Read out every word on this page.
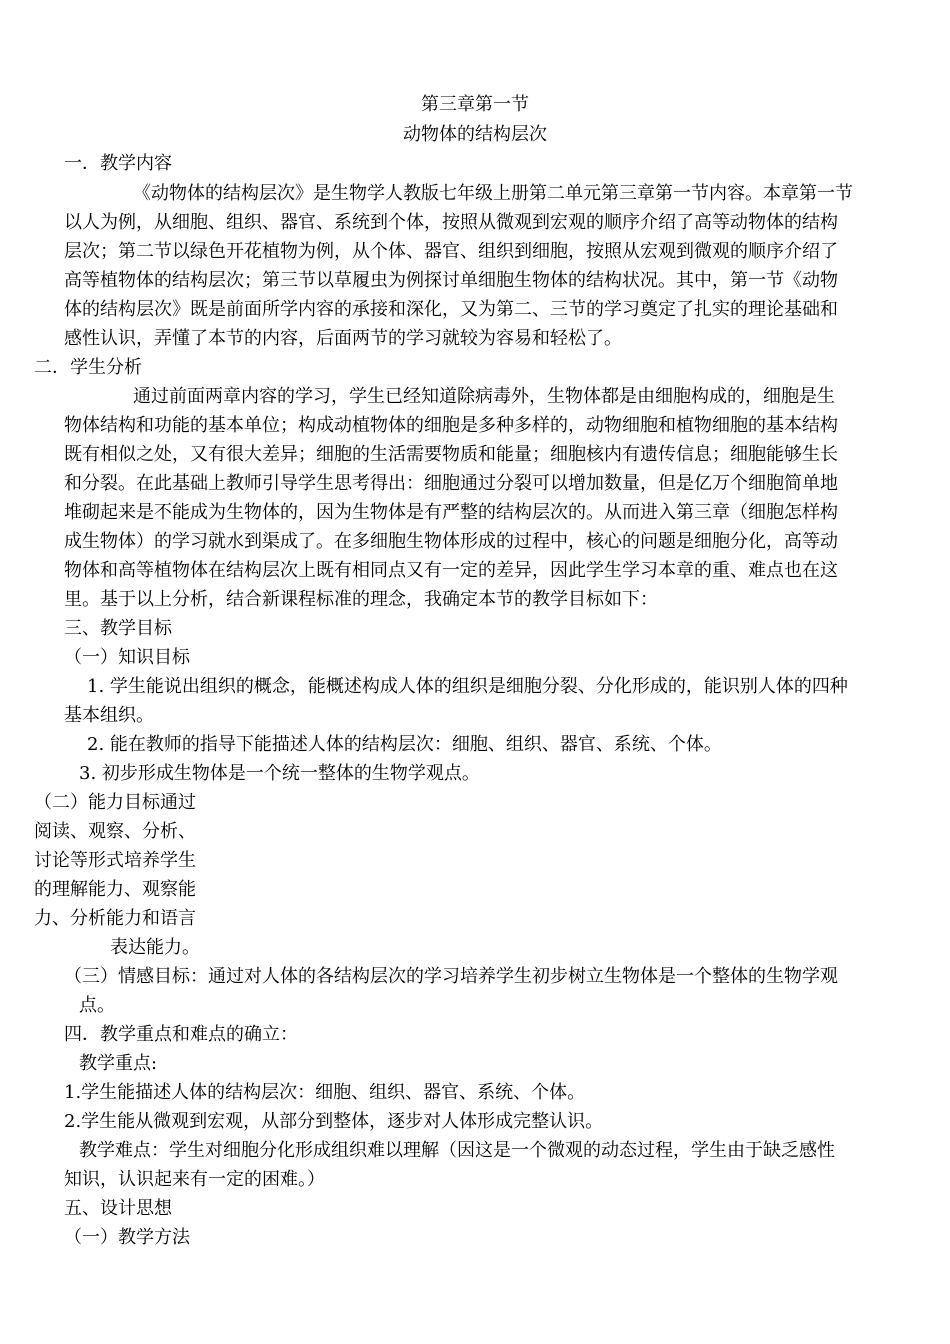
第三章第一节
动物体的结构层次
一．教学内容
《动物体的结构层次》是生物学人教版七年级上册第二单元第三章第一节内容。本章第一节
以人为例，从细胞、组织、器官、系统到个体，按照从微观到宏观的顺序介绍了高等动物体的结构
层次；第二节以绿色开花植物为例，从个体、器官、组织到细胞，按照从宏观到微观的顺序介绍了
高等植物体的结构层次；第三节以草履虫为例探讨单细胞生物体的结构状况。其中，第一节《动物
体的结构层次》既是前面所学内容的承接和深化，又为第二、三节的学习奠定了扎实的理论基础和
感性认识，弄懂了本节的内容，后面两节的学习就较为容易和轻松了。
二．学生分析
通过前面两章内容的学习，学生已经知道除病毒外，生物体都是由细胞构成的，细胞是生
物体结构和功能的基本单位；构成动植物体的细胞是多种多样的，动物细胞和植物细胞的基本结构
既有相似之处，又有很大差异；细胞的生活需要物质和能量；细胞核内有遗传信息；细胞能够生长
和分裂。在此基础上教师引导学生思考得出：细胞通过分裂可以增加数量，但是亿万个细胞简单地
堆砌起来是不能成为生物体的，因为生物体是有严整的结构层次的。从而进入第三章（细胞怎样构
成生物体）的学习就水到渠成了。在多细胞生物体形成的过程中，核心的问题是细胞分化，高等动
物体和高等植物体在结构层次上既有相同点又有一定的差异，因此学生学习本章的重、难点也在这
里。基于以上分析，结合新课程标准的理念，我确定本节的教学目标如下：
三、教学目标
（一）知识目标
1. 学生能说出组织的概念，能概述构成人体的组织是细胞分裂、分化形成的，能识别人体的四种
基本组织。
2. 能在教师的指导下能描述人体的结构层次：细胞、组织、器官、系统、个体。
3. 初步形成生物体是一个统一整体的生物学观点。
（二）能力目标通过
阅读、观察、分析、
讨论等形式培养学生
的理解能力、观察能
力、分析能力和语言
表达能力。
（三）情感目标：通过对人体的各结构层次的学习培养学生初步树立生物体是一个整体的生物学观
点。
四．教学重点和难点的确立：
教学重点:
1.学生能描述人体的结构层次：细胞、组织、器官、系统、个体。
2.学生能从微观到宏观，从部分到整体，逐步对人体形成完整认识。
教学难点：学生对细胞分化形成组织难以理解（因这是一个微观的动态过程，学生由于缺乏感性
知识，认识起来有一定的困难。）
五、设计思想
（一）教学方法
